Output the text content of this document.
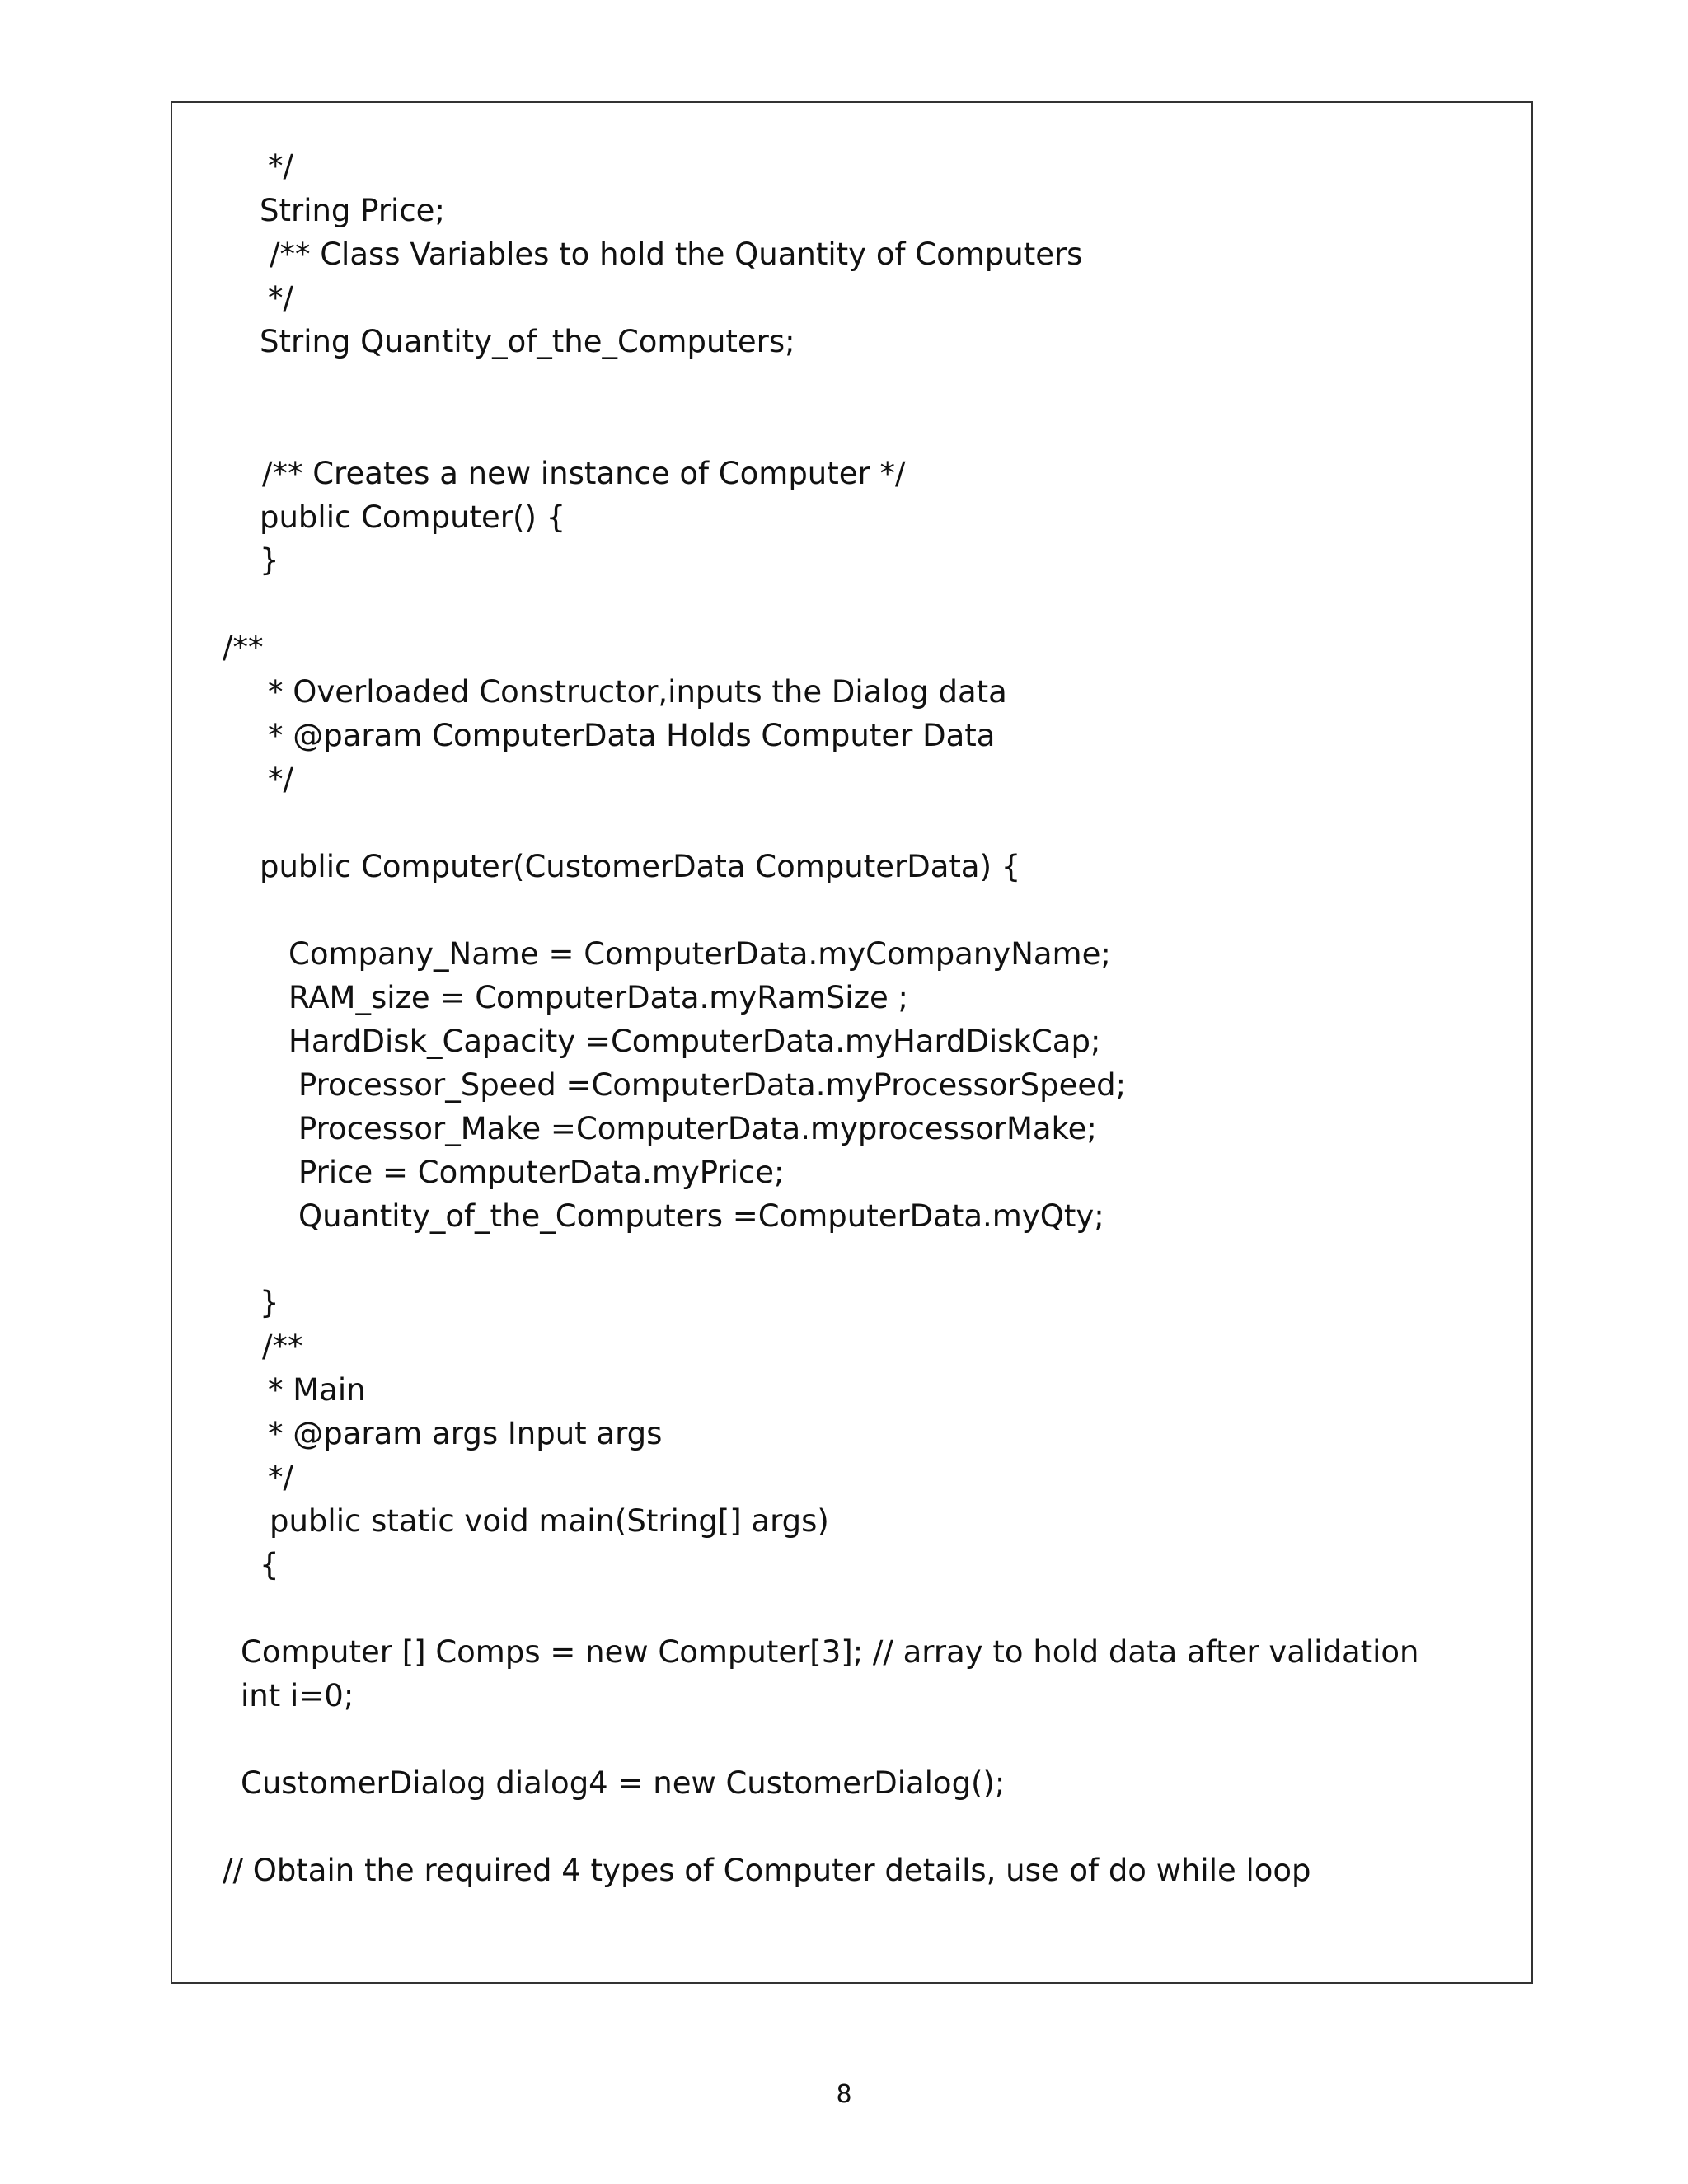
*/

String Price;

/** Class Variables to hold the Quantity of Computers

*/

String Quantity_of_the_Computers;

/** Creates a new instance of Computer */

public Computer() {

}

/**

* Overloaded Constructor,inputs the Dialog data

* @param ComputerData Holds Computer Data

*/

public Computer(CustomerData ComputerData) {

Company_Name = ComputerData.myCompanyName;

RAM_size = ComputerData.myRamSize ;

HardDisk_Capacity =ComputerData.myHardDiskCap;

Processor_Speed =ComputerData.myProcessorSpeed;

Processor_Make =ComputerData.myprocessorMake;

Price = ComputerData.myPrice;

Quantity_of_the_Computers =ComputerData.myQty;

}

/**

* Main

* @param args Input args

*/

public static void main(String[] args)

{

Computer [] Comps = new Computer[3]; // array to hold data after validation

int i=0;

CustomerDialog dialog4 = new CustomerDialog();

// Obtain the required 4 types of Computer details, use of do while loop

8
